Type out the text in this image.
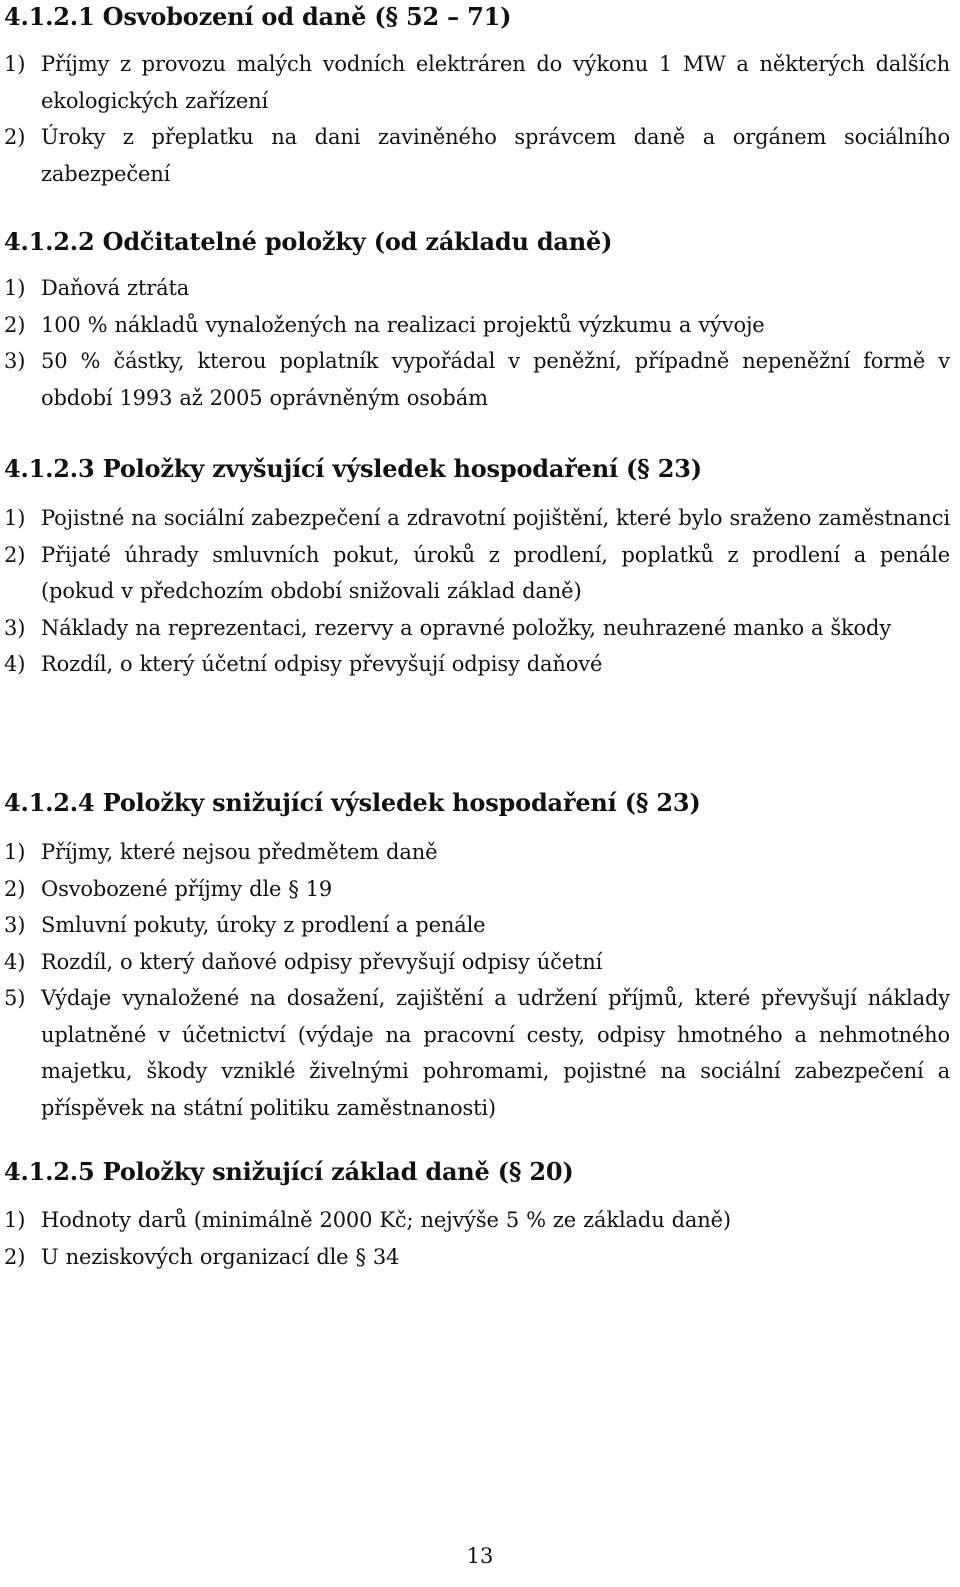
4.1.2.1 Osvobození od daně (§ 52 – 71)
1) Příjmy z provozu malých vodních elektráren do výkonu 1 MW a některých dalších ekologických zařízení
2) Úroky z přeplatku na dani zaviněného správcem daně a orgánem sociálního zabezpečení
4.1.2.2 Odčitatelné položky (od základu daně)
1) Daňová ztráta
2) 100 % nákladů vynaložených na realizaci projektů výzkumu a vývoje
3) 50 % částky, kterou poplatník vypořádal v peněžní, případně nepeněžní formě v období 1993 až 2005 oprávněným osobám
4.1.2.3 Položky zvyšující výsledek hospodaření (§ 23)
1) Pojistné na sociální zabezpečení a zdravotní pojištění, které bylo sraženo zaměstnanci
2) Přijaté úhrady smluvních pokut, úroků z prodlení, poplatků z prodlení a penále (pokud v předchozím období snižovali základ daně)
3) Náklady na reprezentaci, rezervy a opravné položky, neuhrazené manko a škody
4) Rozdíl, o který účetní odpisy převyšují odpisy daňové
4.1.2.4 Položky snižující výsledek hospodaření (§ 23)
1) Příjmy, které nejsou předmětem daně
2) Osvobozené příjmy dle § 19
3) Smluvní pokuty, úroky z prodlení a penále
4) Rozdíl, o který daňové odpisy převyšují odpisy účetní
5) Výdaje vynaložené na dosažení, zajištění a udržení příjmů, které převyšují náklady uplatněné v účetnictví (výdaje na pracovní cesty, odpisy hmotného a nehmotného majetku, škody vzniklé živelnými pohromami, pojistné na sociální zabezpečení a příspěvek na státní politiku zaměstnanosti)
4.1.2.5 Položky snižující základ daně (§ 20)
1) Hodnoty darů (minimálně 2000 Kč; nejvýše 5 % ze základu daně)
2) U neziskových organizací dle § 34
13
